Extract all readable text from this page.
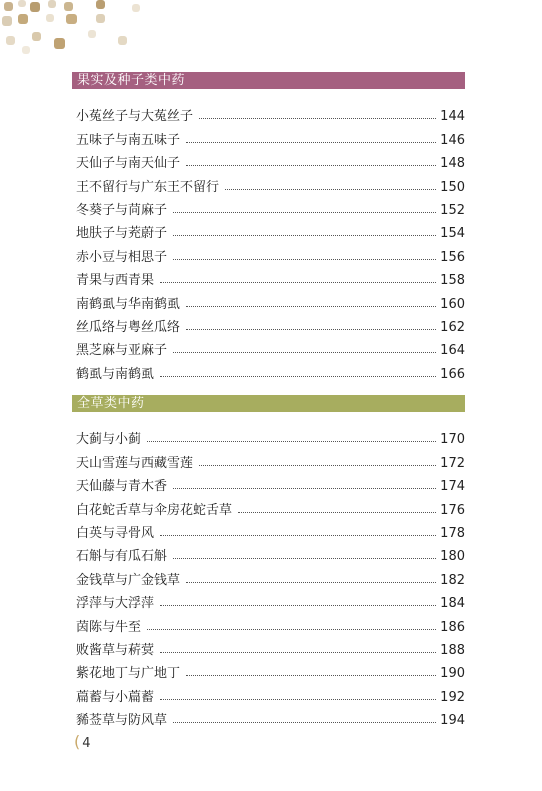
果实及种子类中药
小菟丝子与大菟丝子	144
五味子与南五味子	146
天仙子与南天仙子	148
王不留行与广东王不留行	150
冬葵子与苘麻子	152
地肤子与茺蔚子	154
赤小豆与相思子	156
青果与西青果	158
南鹤虱与华南鹤虱	160
丝瓜络与粤丝瓜络	162
黑芝麻与亚麻子	164
鹤虱与南鹤虱	166
全草类中药
大蓟与小蓟	170
天山雪莲与西藏雪莲	172
天仙藤与青木香	174
白花蛇舌草与伞房花蛇舌草	176
白英与寻骨风	178
石斛与有瓜石斛	180
金钱草与广金钱草	182
浮萍与大浮萍	184
茵陈与牛至	186
败酱草与菥蓂	188
紫花地丁与广地丁	190
萹蓄与小萹蓄	192
豨莶草与防风草	194
( 4
